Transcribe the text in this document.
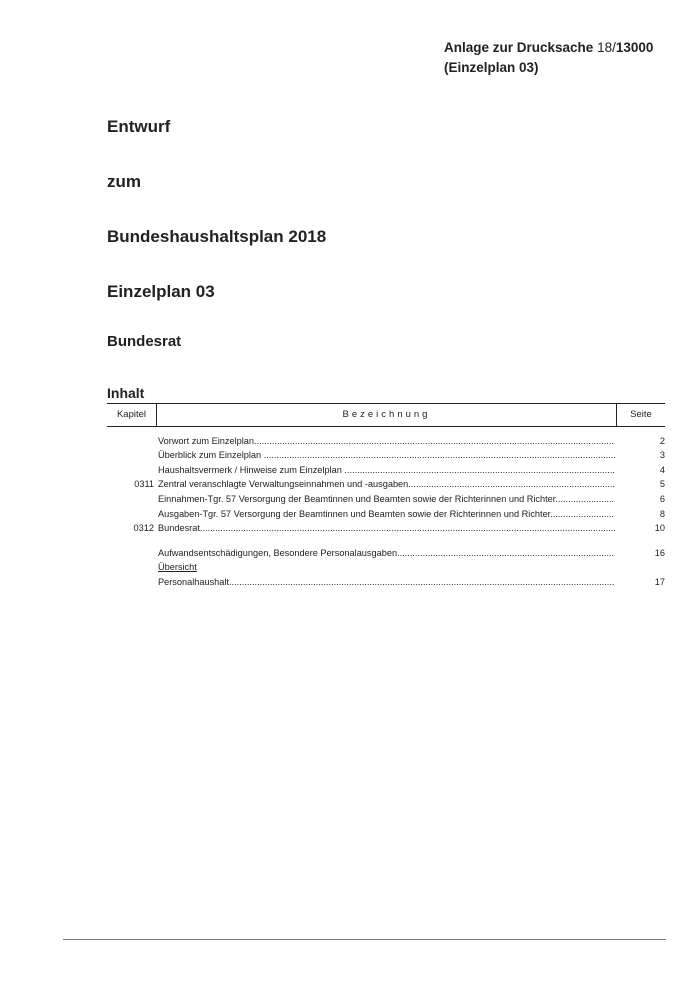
Anlage zur Drucksache 18/13000
(Einzelplan 03)
Entwurf
zum
Bundeshaushaltsplan 2018
Einzelplan 03
Bundesrat
Inhalt
Kapitel	Bezeichnung	Seite
Vorwort zum Einzelplan .....	2
Überblick zum Einzelplan .....	3
Haushaltsvermerk / Hinweise zum Einzelplan .....	4
0311 Zentral veranschlagte Verwaltungseinnahmen und -ausgaben .....	5
Einnahmen-Tgr. 57 Versorgung der Beamtinnen und Beamten sowie der Richterinnen und Richter .....	6
Ausgaben-Tgr. 57 Versorgung der Beamtinnen und Beamten sowie der Richterinnen und Richter .....	8
0312 Bundesrat .....	10
Aufwandsentschädigungen, Besondere Personalausgaben .....	16
Übersicht
Personalhaushalt .....	17
